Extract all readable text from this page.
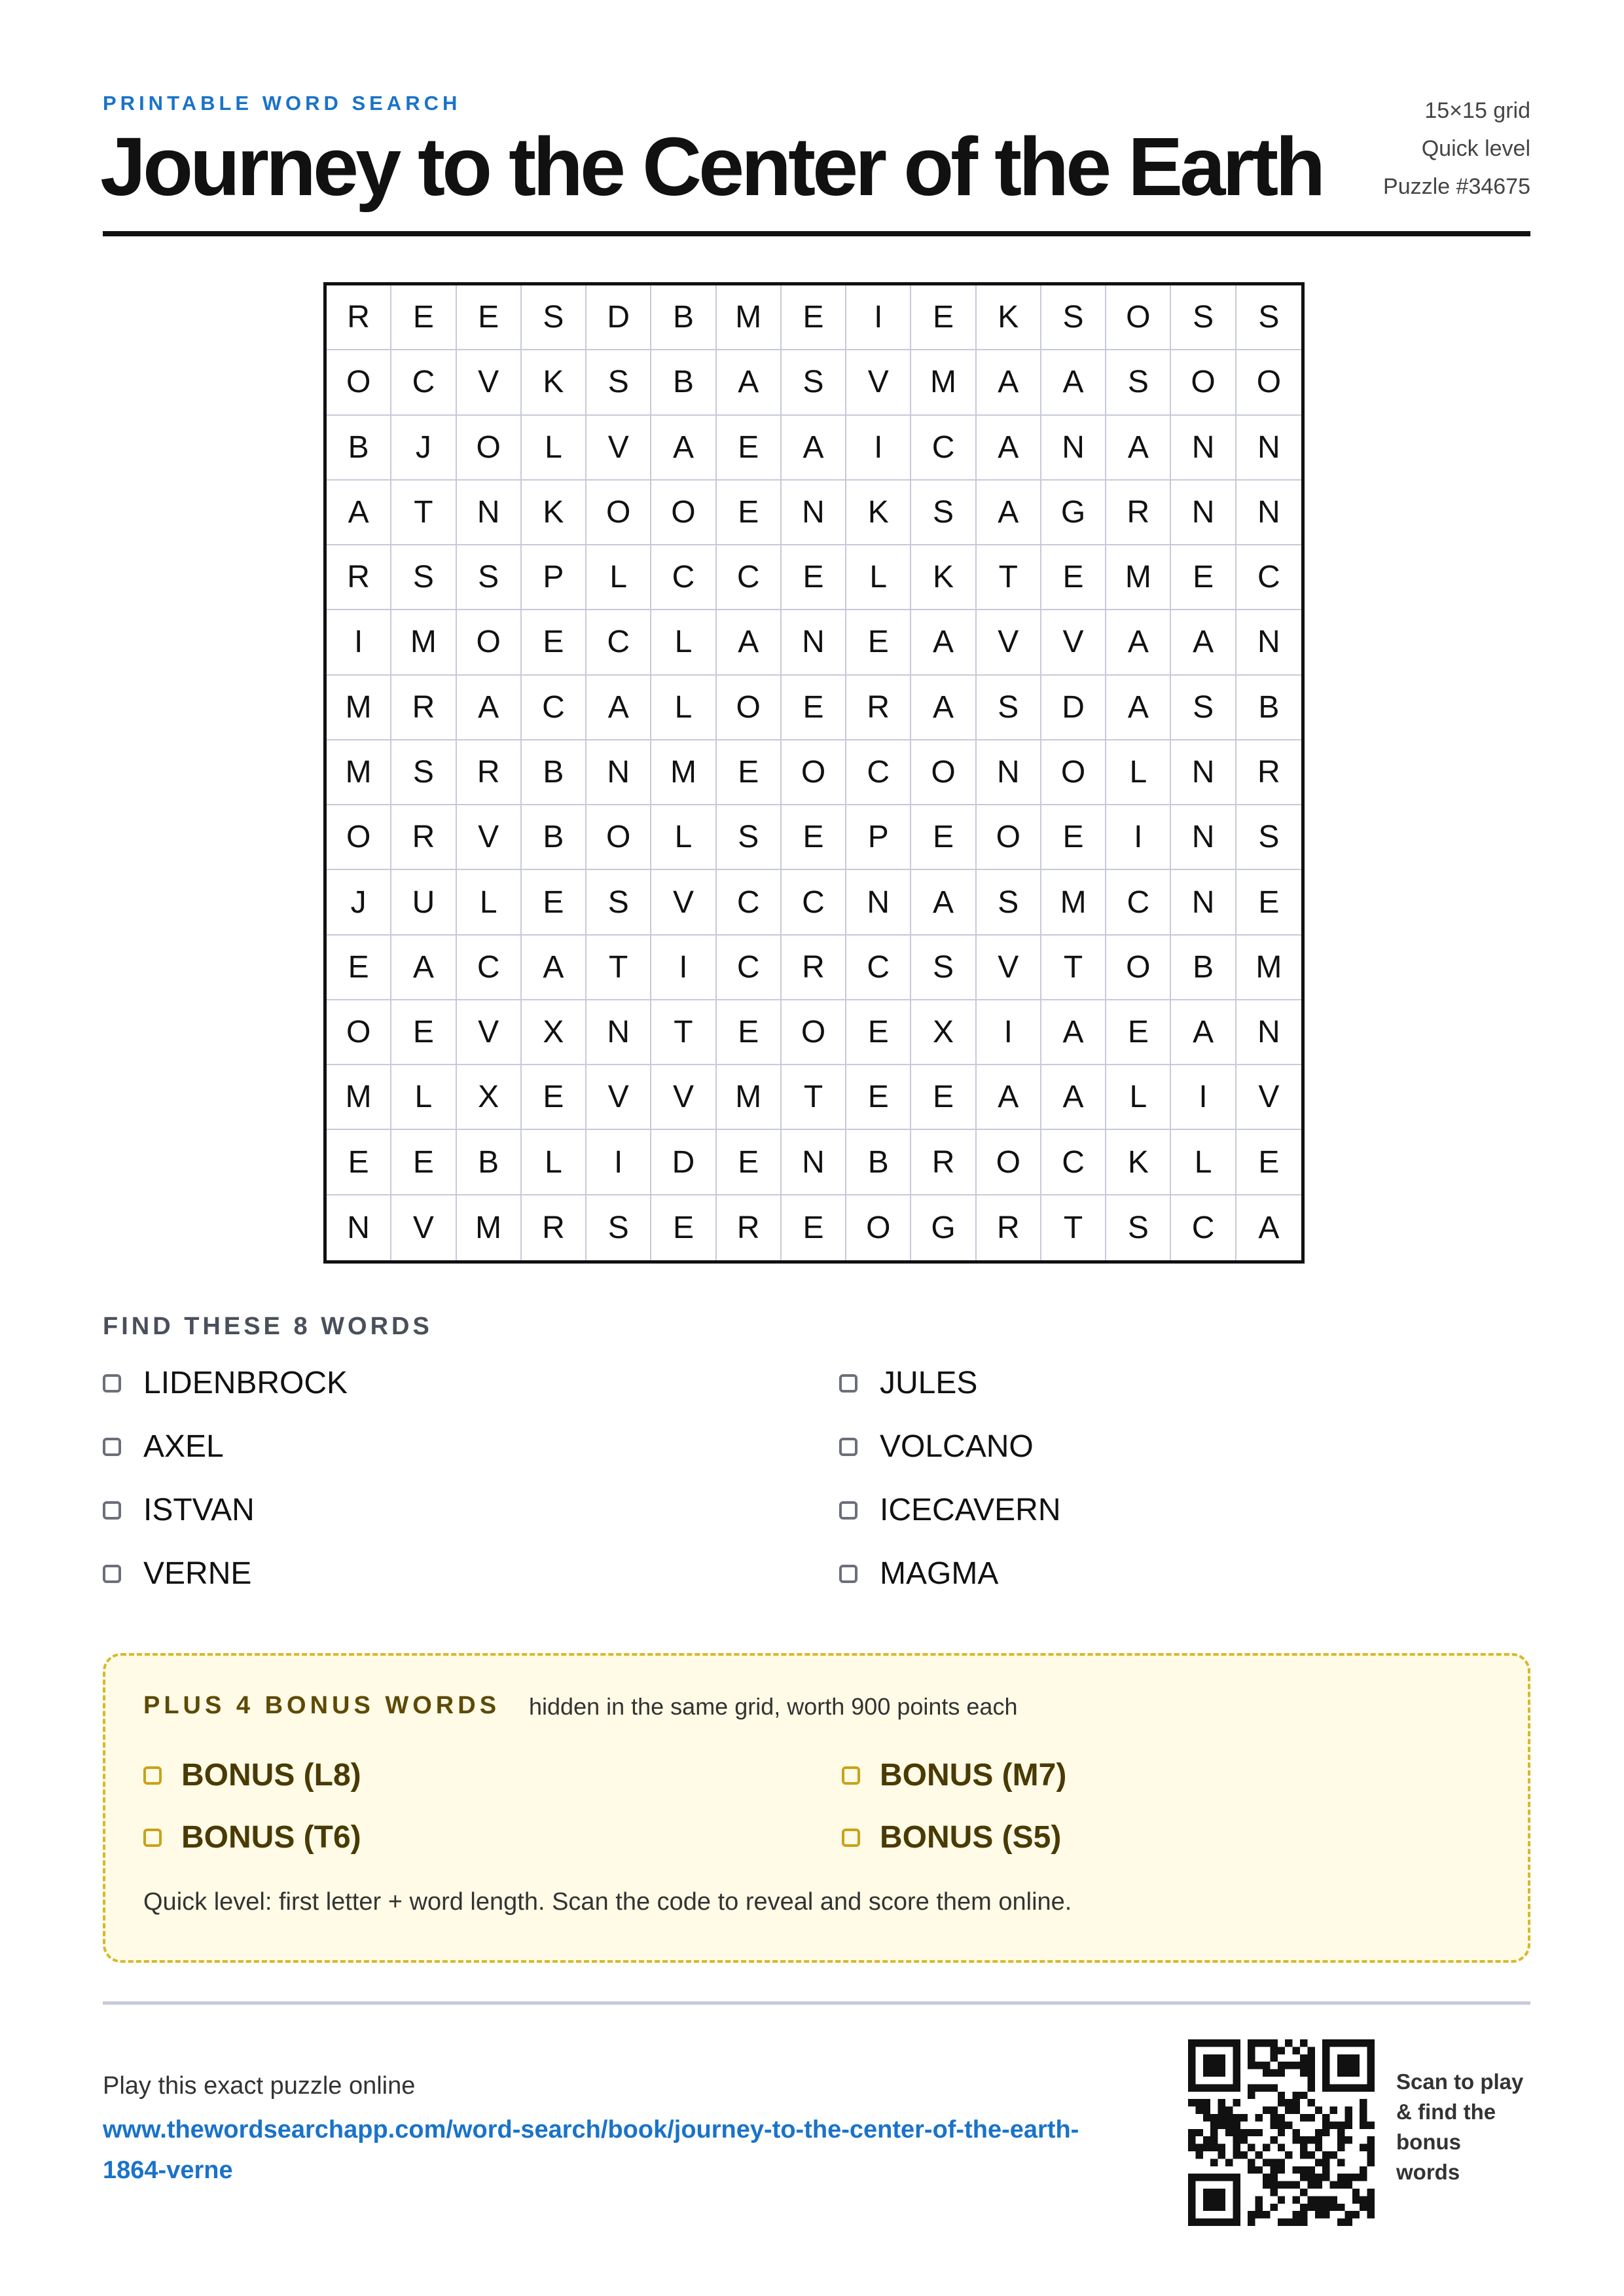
PRINTABLE WORD SEARCH
Journey to the Center of the Earth
15×15 grid
Quick level
Puzzle #34675
R	E	E	S	D	B	M	E	I	E	K	S	O	S	S
O	C	V	K	S	B	A	S	V	M	A	A	S	O	O
B	J	O	L	V	A	E	A	I	C	A	N	A	N	N
A	T	N	K	O	O	E	N	K	S	A	G	R	N	N
R	S	S	P	L	C	C	E	L	K	T	E	M	E	C
I	M	O	E	C	L	A	N	E	A	V	V	A	A	N
M	R	A	C	A	L	O	E	R	A	S	D	A	S	B
M	S	R	B	N	M	E	O	C	O	N	O	L	N	R
O	R	V	B	O	L	S	E	P	E	O	E	I	N	S
J	U	L	E	S	V	C	C	N	A	S	M	C	N	E
E	A	C	A	T	I	C	R	C	S	V	T	O	B	M
O	E	V	X	N	T	E	O	E	X	I	A	E	A	N
M	L	X	E	V	V	M	T	E	E	A	A	L	I	V
E	E	B	L	I	D	E	N	B	R	O	C	K	L	E
N	V	M	R	S	E	R	E	O	G	R	T	S	C	A
FIND THESE 8 WORDS
LIDENBROCK
AXEL
ISTVAN
VERNE
JULES
VOLCANO
ICECAVERN
MAGMA
PLUS 4 BONUS WORDS hidden in the same grid, worth 900 points each
BONUS (L8)
BONUS (T6)
BONUS (M7)
BONUS (S5)
Quick level: first letter + word length. Scan the code to reveal and score them online.
Play this exact puzzle online
www.thewordsearchapp.com/word-search/book/journey-to-the-center-of-the-earth-1864-verne
Scan to play & find the bonus words
